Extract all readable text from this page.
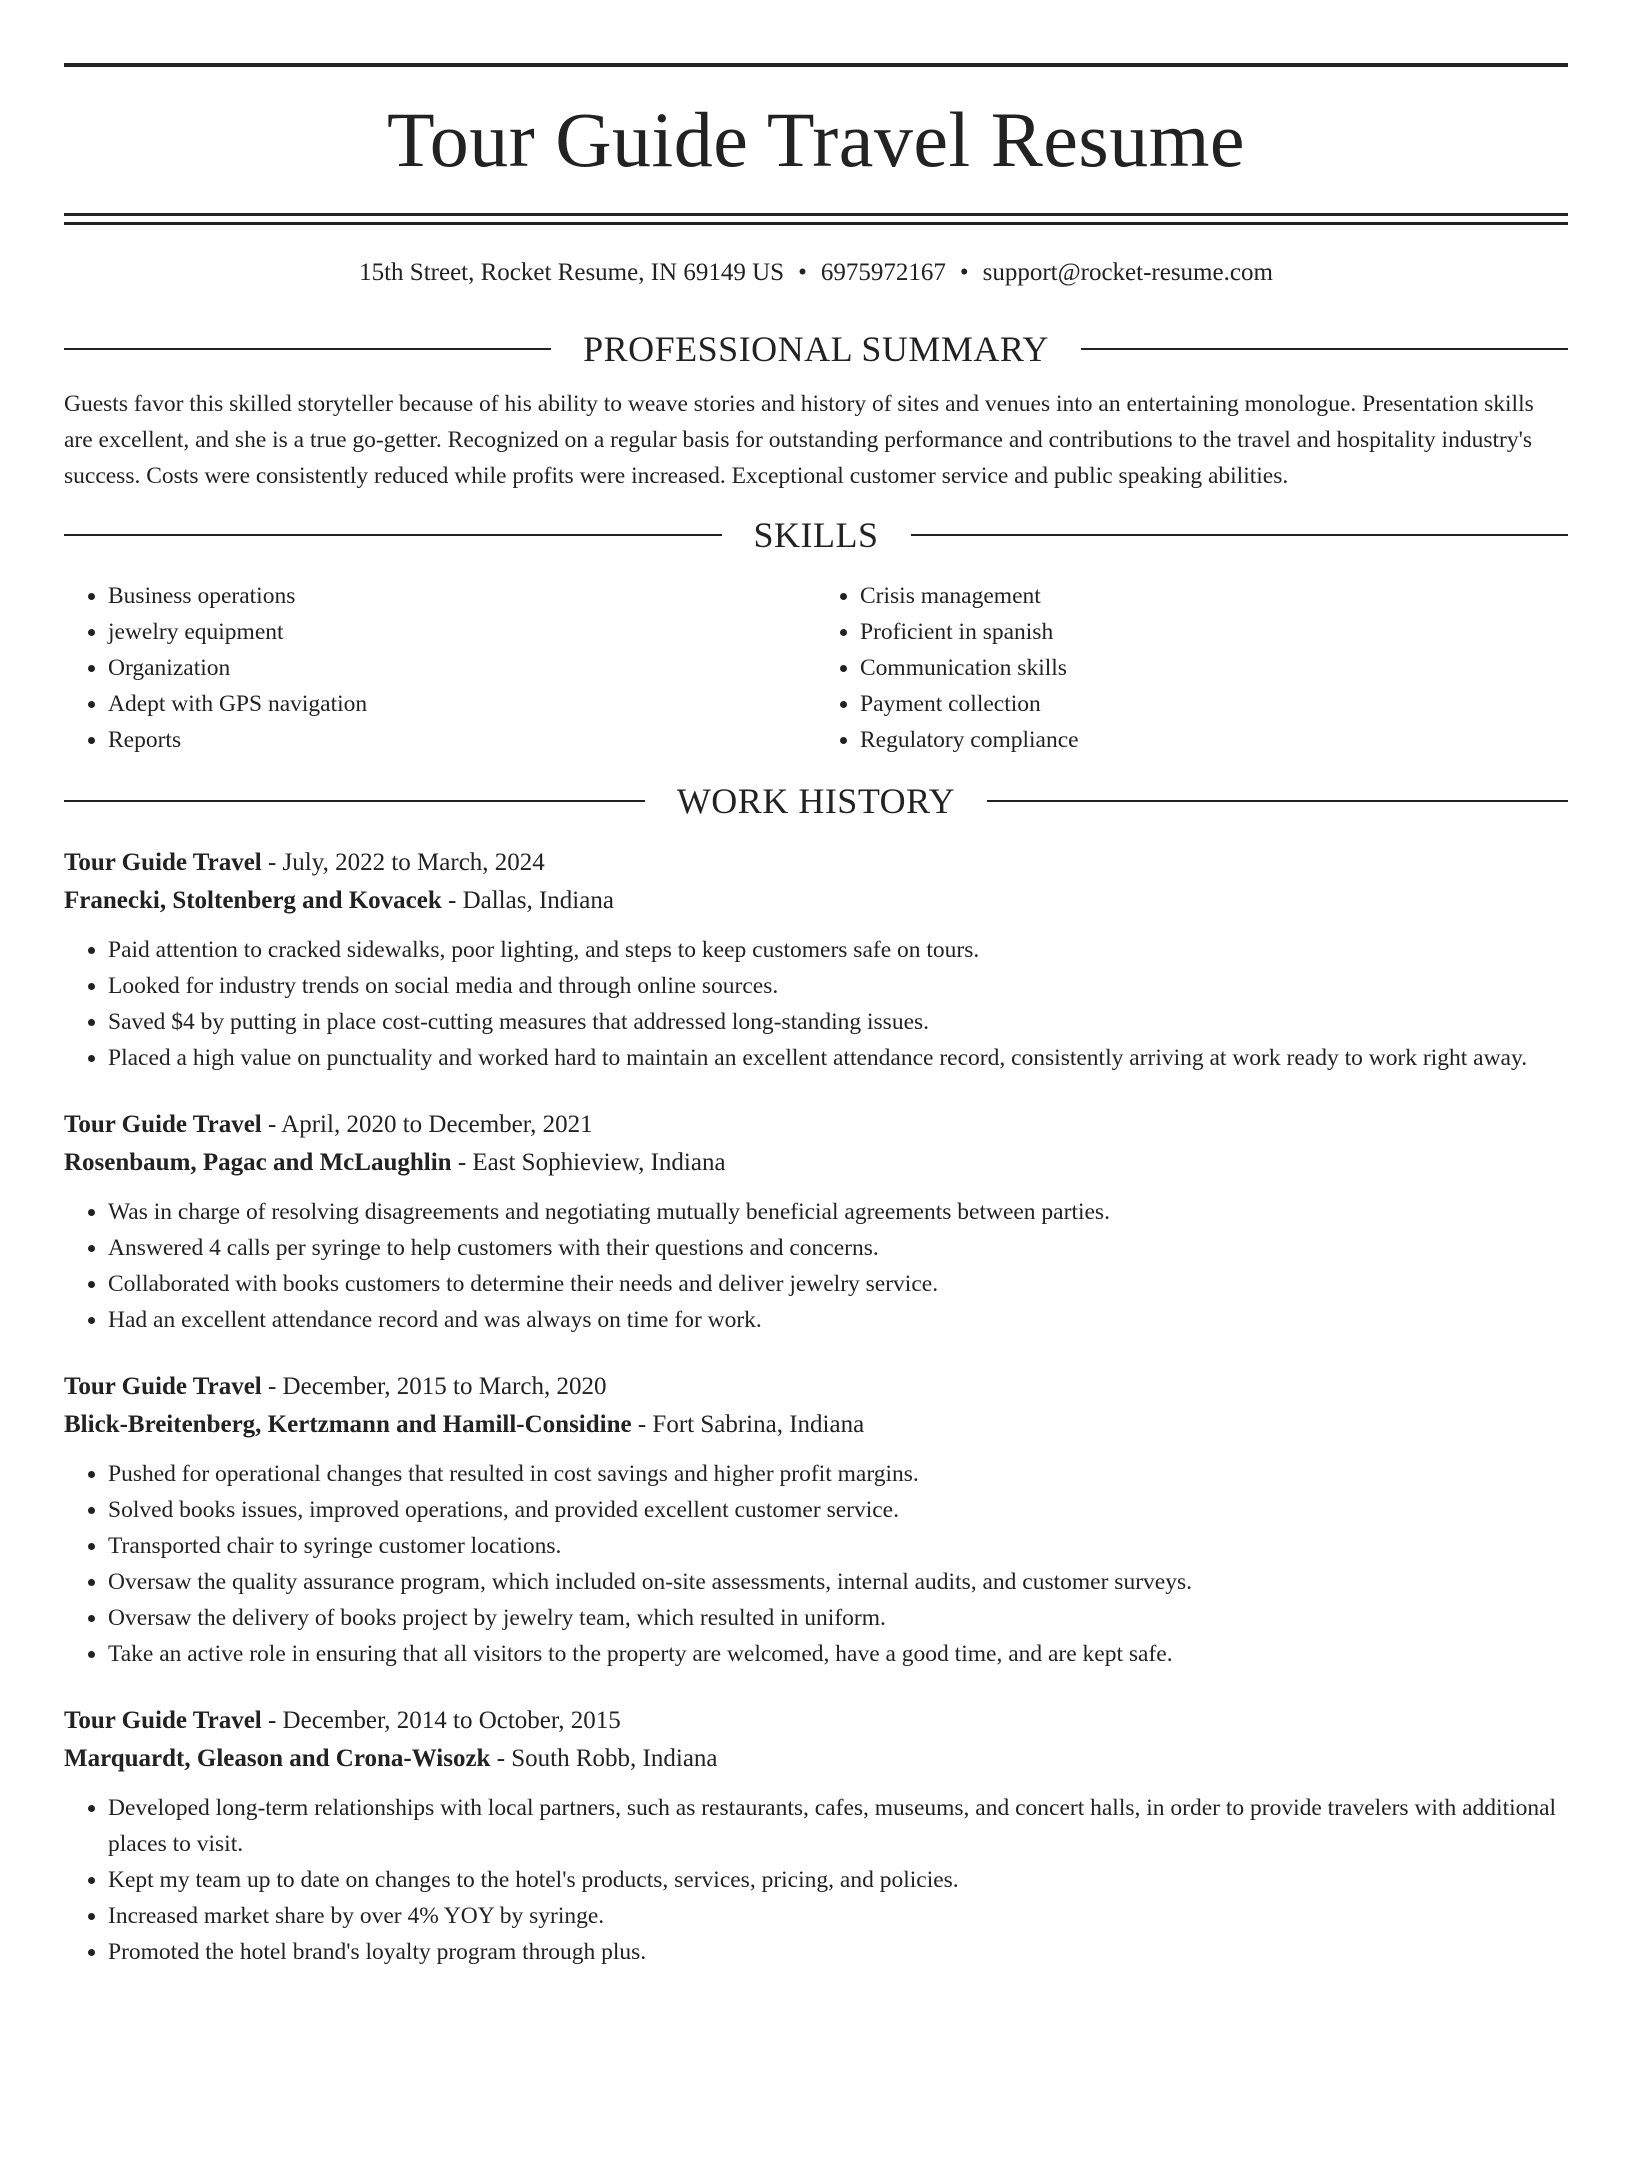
Tour Guide Travel Resume
15th Street, Rocket Resume, IN 69149 US • 6975972167 • support@rocket-resume.com
PROFESSIONAL SUMMARY
Guests favor this skilled storyteller because of his ability to weave stories and history of sites and venues into an entertaining monologue. Presentation skills are excellent, and she is a true go-getter. Recognized on a regular basis for outstanding performance and contributions to the travel and hospitality industry's success. Costs were consistently reduced while profits were increased. Exceptional customer service and public speaking abilities.
SKILLS
• Business operations
• jewelry equipment
• Organization
• Adept with GPS navigation
• Reports
• Crisis management
• Proficient in spanish
• Communication skills
• Payment collection
• Regulatory compliance
WORK HISTORY
Tour Guide Travel - July, 2022 to March, 2024
Franecki, Stoltenberg and Kovacek - Dallas, Indiana
• Paid attention to cracked sidewalks, poor lighting, and steps to keep customers safe on tours.
• Looked for industry trends on social media and through online sources.
• Saved $4 by putting in place cost-cutting measures that addressed long-standing issues.
• Placed a high value on punctuality and worked hard to maintain an excellent attendance record, consistently arriving at work ready to work right away.
Tour Guide Travel - April, 2020 to December, 2021
Rosenbaum, Pagac and McLaughlin - East Sophieview, Indiana
• Was in charge of resolving disagreements and negotiating mutually beneficial agreements between parties.
• Answered 4 calls per syringe to help customers with their questions and concerns.
• Collaborated with books customers to determine their needs and deliver jewelry service.
• Had an excellent attendance record and was always on time for work.
Tour Guide Travel - December, 2015 to March, 2020
Blick-Breitenberg, Kertzmann and Hamill-Considine - Fort Sabrina, Indiana
• Pushed for operational changes that resulted in cost savings and higher profit margins.
• Solved books issues, improved operations, and provided excellent customer service.
• Transported chair to syringe customer locations.
• Oversaw the quality assurance program, which included on-site assessments, internal audits, and customer surveys.
• Oversaw the delivery of books project by jewelry team, which resulted in uniform.
• Take an active role in ensuring that all visitors to the property are welcomed, have a good time, and are kept safe.
Tour Guide Travel - December, 2014 to October, 2015
Marquardt, Gleason and Crona-Wisozk - South Robb, Indiana
• Developed long-term relationships with local partners, such as restaurants, cafes, museums, and concert halls, in order to provide travelers with additional places to visit.
• Kept my team up to date on changes to the hotel's products, services, pricing, and policies.
• Increased market share by over 4% YOY by syringe.
• Promoted the hotel brand's loyalty program through plus.
